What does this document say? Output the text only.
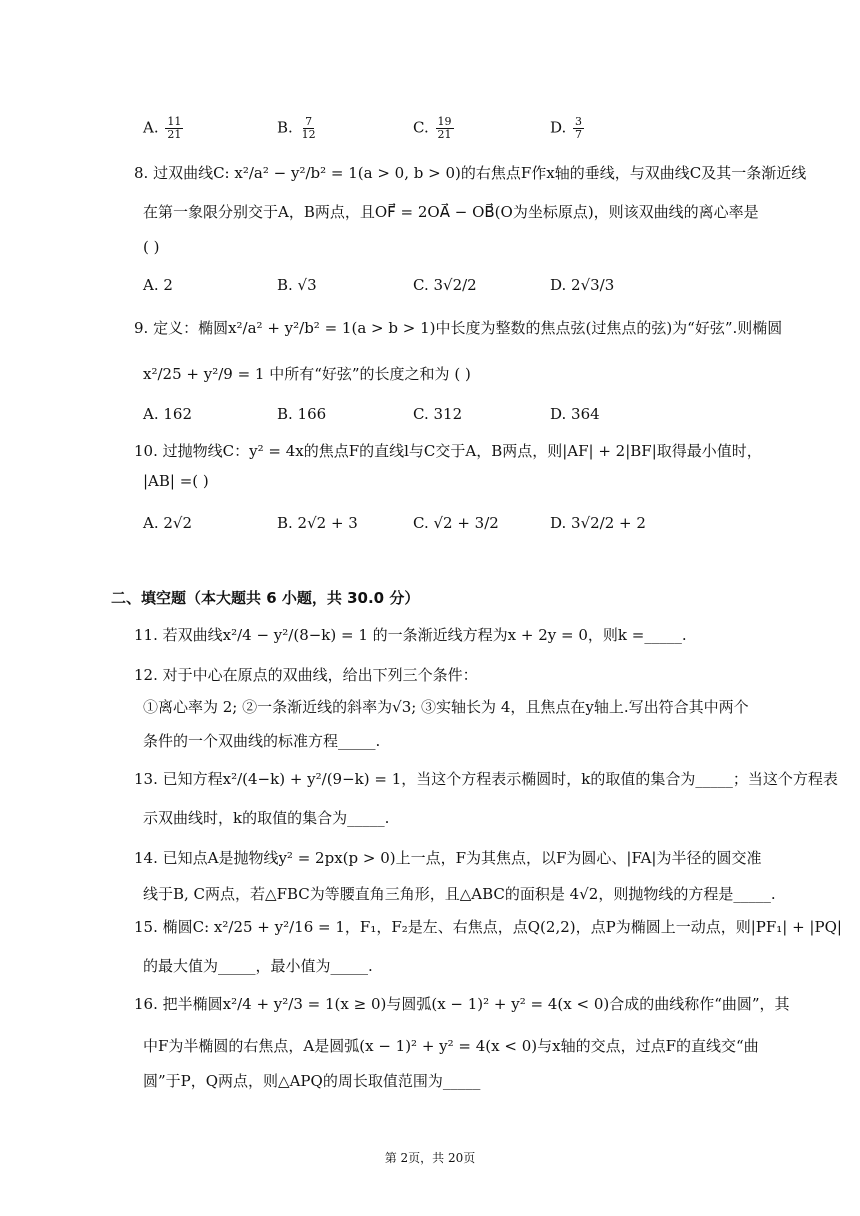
A. $\frac{11}{21}$	B. $\frac{7}{12}$	C. $\frac{19}{21}$	D. $\frac{3}{7}$
8. 过双曲线C: x²/a² − y²/b² = 1(a > 0, b > 0)的右焦点F作x轴的垂线，与双曲线C及其一条渐近线
在第一象限分别交于A，B两点，且OF⃗ = 2OA⃗ − OB⃗(O为坐标原点)，则该双曲线的离心率是
( )
A. 2	B. √3	C. 3√2/2	D. 2√3/3
9. 定义：椭圆x²/a² + y²/b² = 1(a > b > 1)中长度为整数的焦点弦(过焦点的弦)为“好弦”.则椭圆
x²/25 + y²/9 = 1 中所有“好弦”的长度之和为 ( )
A. 162	B. 166	C. 312	D. 364
10. 过抛物线C：y² = 4x的焦点F的直线l与C交于A，B两点，则|AF| + 2|BF|取得最小值时，
|AB| =( )
A. 2√2	B. 2√2 + 3	C. √2 + 3/2	D. 3√2/2 + 2
二、填空题（本大题共 6 小题，共 30.0 分）
11. 若双曲线x²/4 − y²/(8−k) = 1 的一条渐近线方程为x + 2y = 0，则k =_____.
12. 对于中心在原点的双曲线，给出下列三个条件：
①离心率为 2; ②一条渐近线的斜率为√3; ③实轴长为 4，且焦点在y轴上.写出符合其中两个
条件的一个双曲线的标准方程_____.
13. 已知方程x²/(4−k) + y²/(9−k) = 1，当这个方程表示椭圆时，k的取值的集合为_____；当这个方程表
示双曲线时，k的取值的集合为_____.
14. 已知点A是抛物线y² = 2px(p > 0)上一点，F为其焦点，以F为圆心、|FA|为半径的圆交准
线于B, C两点，若△FBC为等腰直角三角形，且△ABC的面积是 4√2，则抛物线的方程是_____.
15. 椭圆C: x²/25 + y²/16 = 1，F₁，F₂是左、右焦点，点Q(2,2)，点P为椭圆上一动点，则|PF₁| + |PQ|
的最大值为_____，最小值为_____.
16. 把半椭圆x²/4 + y²/3 = 1(x ≥ 0)与圆弧(x − 1)² + y² = 4(x < 0)合成的曲线称作“曲圆”，其
中F为半椭圆的右焦点，A是圆弧(x − 1)² + y² = 4(x < 0)与x轴的交点，过点F的直线交“曲
圆”于P，Q两点，则△APQ的周长取值范围为_____
第 2页，共 20页
